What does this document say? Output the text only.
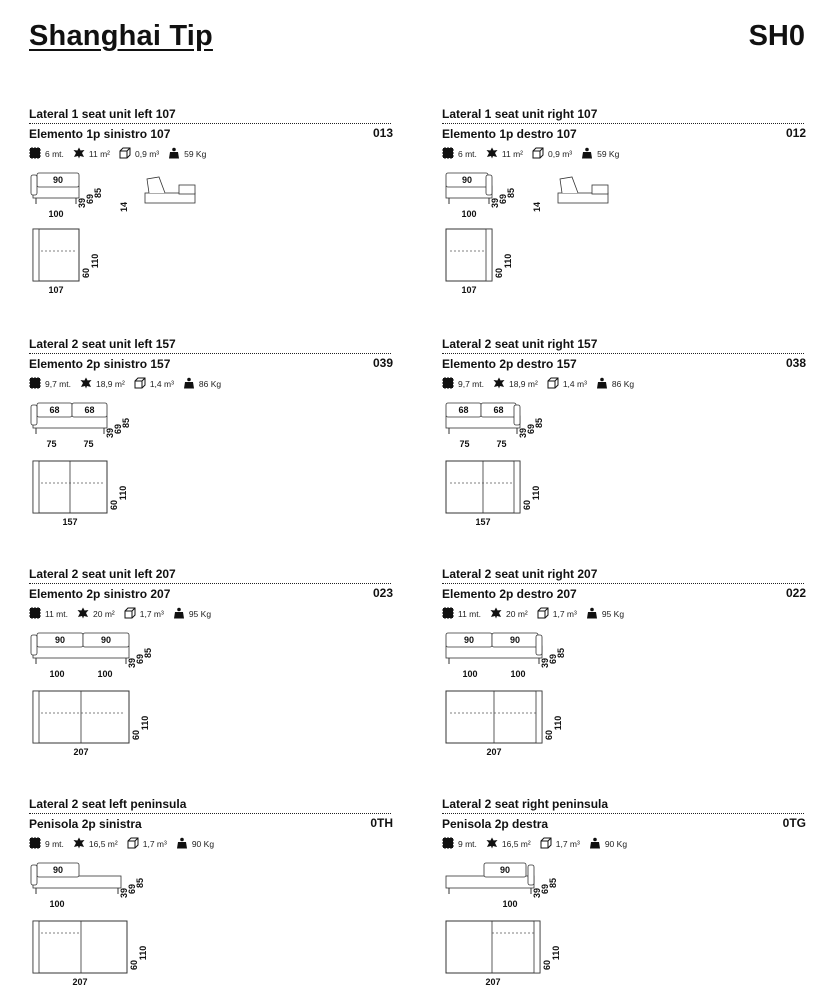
Shanghai Tip	SH0
Lateral 1 seat unit left 107
Elemento 1p sinistro 107	013
6 mt.	11 m²	0,9 m³	59 Kg
90
100
39
69
85
14
107
60
110
Lateral 1 seat unit right 107
Elemento 1p destro 107	012
6 mt.	11 m²	0,9 m³	59 Kg
90
100
39
69
85
14
107
60
110
Lateral 2 seat unit left 157
Elemento 2p sinistro 157	039
9,7 mt.	18,9 m²	1,4 m³	86 Kg
68	68
75	75
39
69
85
157
60
110
Lateral 2 seat unit right 157
Elemento 2p destro 157	038
9,7 mt.	18,9 m²	1,4 m³	86 Kg
68	68
75	75
39
69
85
157
60
110
Lateral 2 seat unit left 207
Elemento 2p sinistro 207	023
11 mt.	20 m²	1,7 m³	95 Kg
90	90
100	100
39
69
85
207
60
110
Lateral 2 seat unit right 207
Elemento 2p destro 207	022
11 mt.	20 m²	1,7 m³	95 Kg
90	90
100	100
39
69
85
207
60
110
Lateral 2 seat left peninsula
Penisola 2p sinistra	0TH
9 mt.	16,5 m²	1,7 m³	90 Kg
90
100
39
69
85
207
60
110
Lateral 2 seat right peninsula
Penisola 2p destra	0TG
9 mt.	16,5 m²	1,7 m³	90 Kg
90
100
39
69
85
207
60
110
